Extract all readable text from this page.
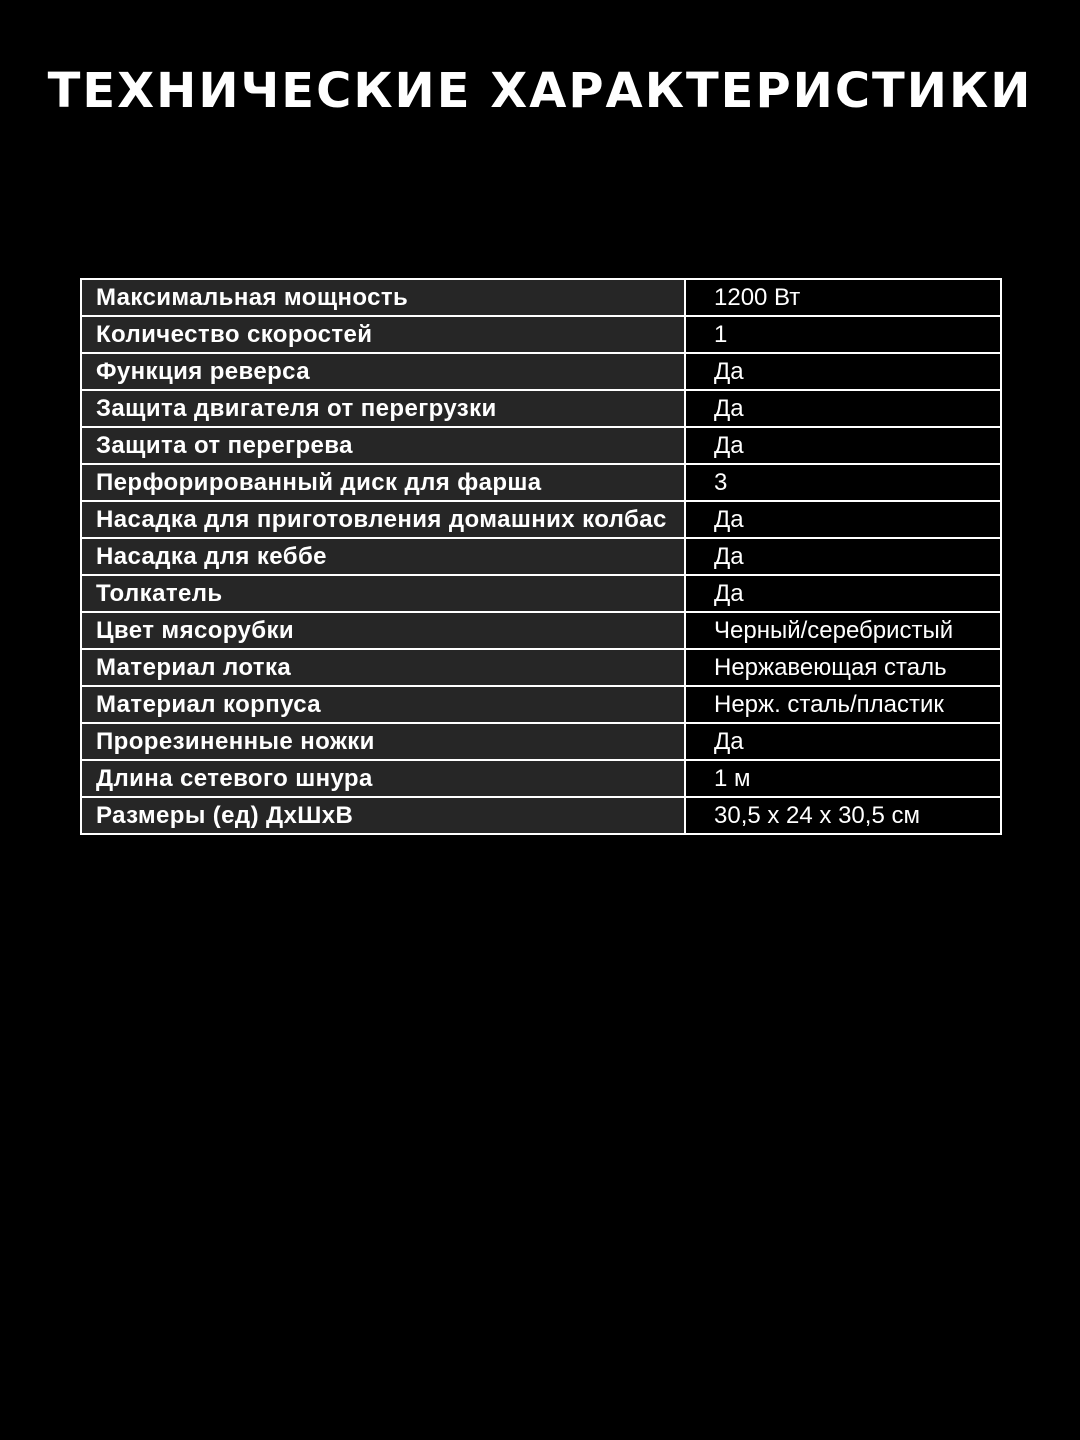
ТЕХНИЧЕСКИЕ ХАРАКТЕРИСТИКИ
Максимальная мощность	1200 Вт
Количество скоростей	1
Функция реверса	Да
Защита двигателя от перегрузки	Да
Защита от перегрева	Да
Перфорированный диск для фарша	3
Насадка для приготовления домашних колбас	Да
Насадка для кеббе	Да
Толкатель	Да
Цвет мясорубки	Черный/серебристый
Материал лотка	Нержавеющая сталь
Материал корпуса	Нерж. сталь/пластик
Прорезиненные ножки	Да
Длина сетевого шнура	1 м
Размеры (ед) ДхШхВ	30,5 х 24 х 30,5 см
